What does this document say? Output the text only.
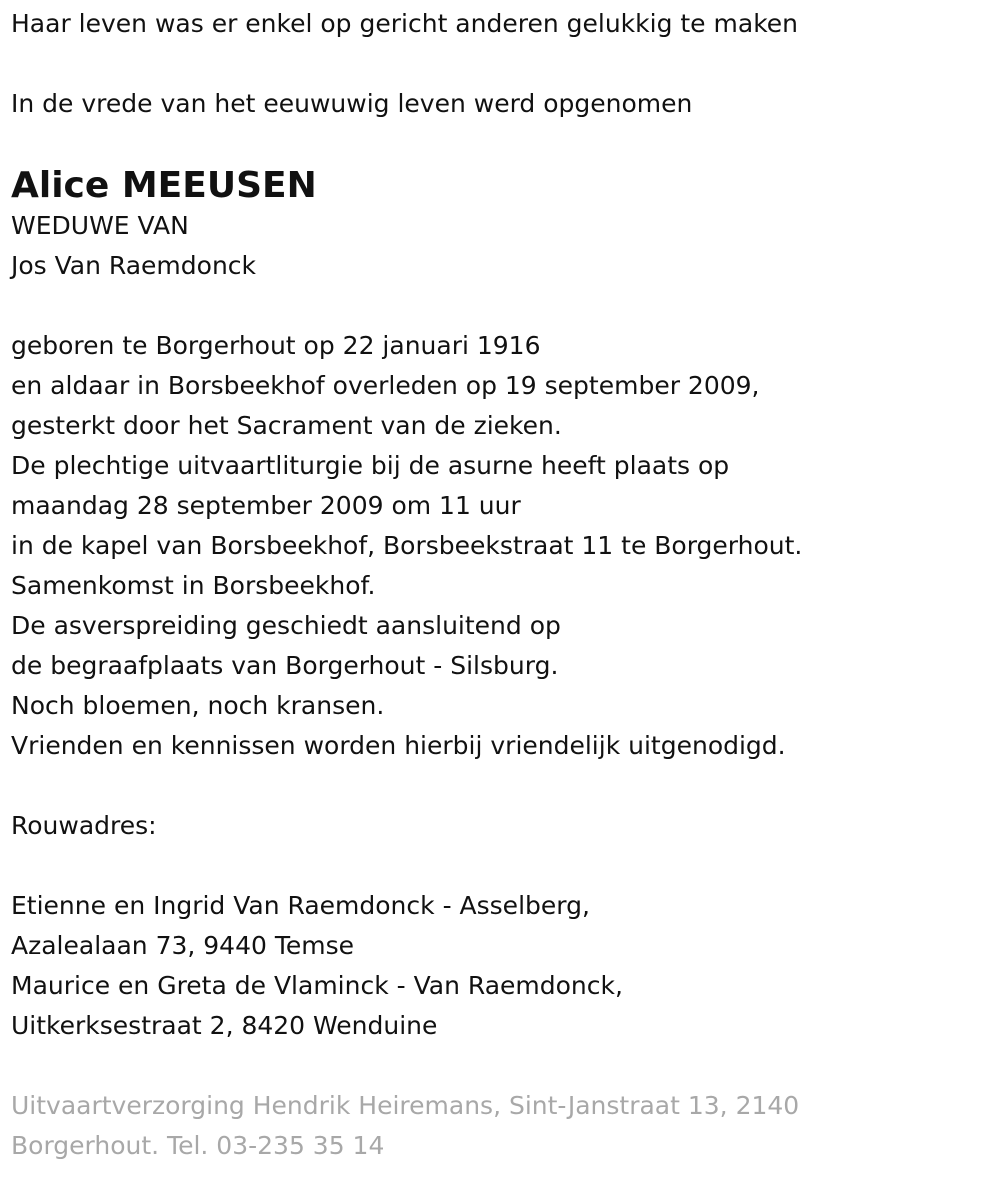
Haar leven was er enkel op gericht anderen gelukkig te maken

In de vrede van het eeuwuwig leven werd opgenomen

Alice MEEUSEN

WEDUWE VAN

Jos Van Raemdonck

geboren te Borgerhout op 22 januari 1916

en aldaar in Borsbeekhof overleden op 19 september 2009,

gesterkt door het Sacrament van de zieken.

De plechtige uitvaartliturgie bij de asurne heeft plaats op

maandag 28 september 2009 om 11 uur

in de kapel van Borsbeekhof, Borsbeekstraat 11 te Borgerhout.

Samenkomst in Borsbeekhof.

De asverspreiding geschiedt aansluitend op

de begraafplaats van Borgerhout - Silsburg.

Noch bloemen, noch kransen.

Vrienden en kennissen worden hierbij vriendelijk uitgenodigd.

Rouwadres:

Etienne en Ingrid Van Raemdonck - Asselberg,

Azalealaan 73, 9440 Temse

Maurice en Greta de Vlaminck - Van Raemdonck,

Uitkerksestraat 2, 8420 Wenduine

Uitvaartverzorging Hendrik Heiremans, Sint-Janstraat 13, 2140

Borgerhout. Tel. 03-235 35 14
